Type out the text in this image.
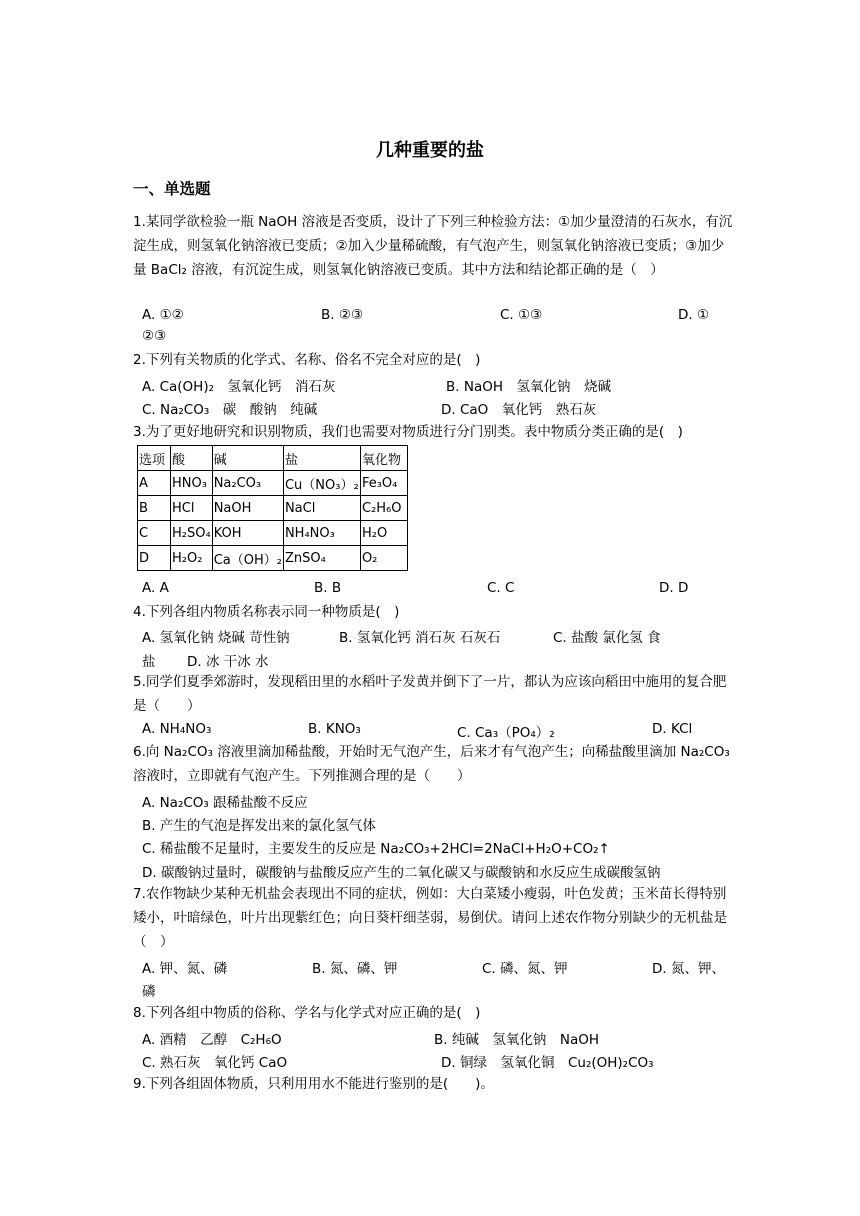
几种重要的盐
一、单选题
1.某同学欲检验一瓶 NaOH 溶液是否变质，设计了下列三种检验方法：①加少量澄清的石灰水，有沉淀生成，则氢氧化钠溶液已变质；②加入少量稀硫酸，有气泡产生，则氢氧化钠溶液已变质；③加少量 BaCl₂ 溶液，有沉淀生成，则氢氧化钠溶液已变质。其中方法和结论都正确的是（　）
A. ①②	B. ②③	C. ①③	D. ①
②③
2.下列有关物质的化学式、名称、俗名不完全对应的是(　)
A. Ca(OH)₂　氢氧化钙　消石灰	B. NaOH　氢氧化钠　烧碱
C. Na₂CO₃　碳　酸钠　纯碱	D. CaO　氧化钙　熟石灰
3.为了更好地研究和识别物质，我们也需要对物质进行分门别类。表中物质分类正确的是(　)
选项	酸	碱	盐	氧化物
A	HNO₃	Na₂CO₃	Cu（NO₃）₂	Fe₃O₄
B	HCl	NaOH	NaCl	C₂H₆O
C	H₂SO₄	KOH	NH₄NO₃	H₂O
D	H₂O₂	Ca（OH）₂	ZnSO₄	O₂
A. A	B. B	C. C	D. D
4.下列各组内物质名称表示同一种物质是(　)
A. 氢氧化钠 烧碱 苛性钠	B. 氢氧化钙 消石灰 石灰石	C. 盐酸 氯化氢 食
盐 D. 冰 干冰 水
5.同学们夏季郊游时，发现稻田里的水稻叶子发黄并倒下了一片，都认为应该向稻田中施用的复合肥是（　　）
A. NH₄NO₃	B. KNO₃	C. Ca₃（PO₄）₂	D. KCl
6.向 Na₂CO₃ 溶液里滴加稀盐酸，开始时无气泡产生，后来才有气泡产生；向稀盐酸里滴加 Na₂CO₃ 溶液时，立即就有气泡产生。下列推测合理的是（　　）
A. Na₂CO₃ 跟稀盐酸不反应
B. 产生的气泡是挥发出来的氯化氢气体
C. 稀盐酸不足量时，主要发生的反应是 Na₂CO₃+2HCl=2NaCl+H₂O+CO₂↑
D. 碳酸钠过量时，碳酸钠与盐酸反应产生的二氧化碳又与碳酸钠和水反应生成碳酸氢钠
7.农作物缺少某种无机盐会表现出不同的症状，例如：大白菜矮小瘦弱，叶色发黄；玉米苗长得特别矮小，叶暗绿色，叶片出现紫红色；向日葵杆细茎弱，易倒伏。请问上述农作物分别缺少的无机盐是（　）
A. 钾、氮、磷	B. 氮、磷、钾	C. 磷、氮、钾	D. 氮、钾、
磷
8.下列各组中物质的俗称、学名与化学式对应正确的是(　)
A. 酒精　乙醇　C₂H₆O	B. 纯碱　氢氧化钠　NaOH
C. 熟石灰　氧化钙 CaO	D. 铜绿　氢氧化铜　Cu₂(OH)₂CO₃
9.下列各组固体物质，只利用用水不能进行鉴别的是(　　)。
